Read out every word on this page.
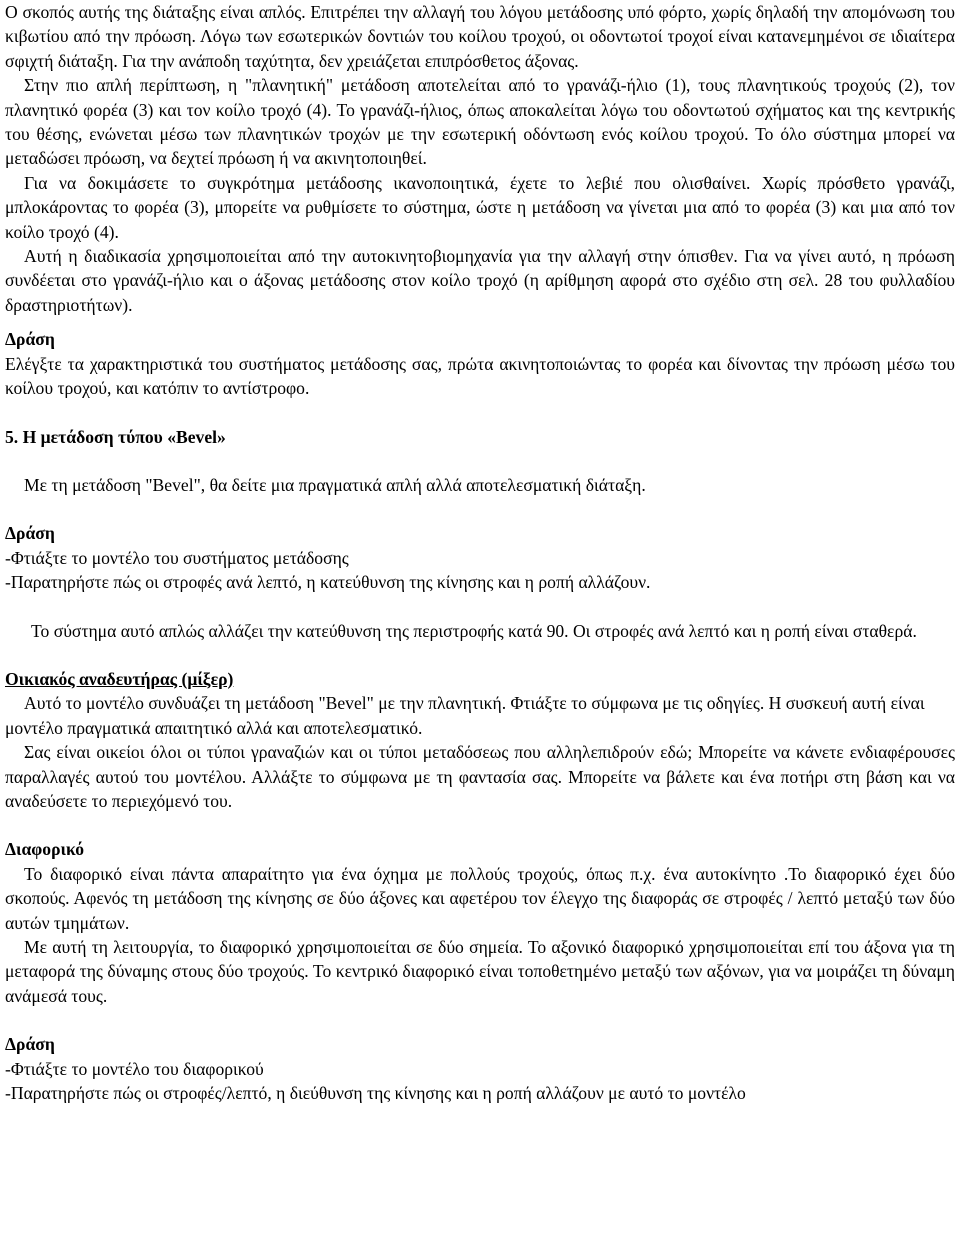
Ο σκοπός αυτής της διάταξης είναι απλός. Επιτρέπει την αλλαγή του λόγου μετάδοσης υπό φόρτο, χωρίς δηλαδή την απομόνωση του κιβωτίου από την πρόωση. Λόγω των εσωτερικών δοντιών του κοίλου τροχού, οι οδοντωτοί τροχοί είναι κατανεμημένοι σε ιδιαίτερα σφιχτή διάταξη. Για την ανάποδη ταχύτητα, δεν χρειάζεται επιπρόσθετος άξονας.

Στην πιο απλή περίπτωση, η "πλανητική" μετάδοση αποτελείται από το γρανάζι-ήλιο (1), τους πλανητικούς τροχούς (2), τον πλανητικό φορέα (3) και τον κοίλο τροχό (4). Το γρανάζι-ήλιος, όπως αποκαλείται λόγω του οδοντωτού σχήματος και της κεντρικής του θέσης, ενώνεται μέσω των πλανητικών τροχών με την εσωτερική οδόντωση ενός κοίλου τροχού. Το όλο σύστημα μπορεί να μεταδώσει πρόωση, να δεχτεί πρόωση ή να ακινητοποιηθεί.

Για να δοκιμάσετε το συγκρότημα μετάδοσης ικανοποιητικά, έχετε το λεβιέ που ολισθαίνει. Χωρίς πρόσθετο γρανάζι, μπλοκάροντας το φορέα (3), μπορείτε να ρυθμίσετε το σύστημα, ώστε η μετάδοση να γίνεται μια από το φορέα (3) και μια από τον κοίλο τροχό (4).

Αυτή η διαδικασία χρησιμοποιείται από την αυτοκινητοβιομηχανία για την αλλαγή στην όπισθεν. Για να γίνει αυτό, η πρόωση συνδέεται στο γρανάζι-ήλιο και ο άξονας μετάδοσης στον κοίλο τροχό (η αρίθμηση αφορά στο σχέδιο στη σελ. 28 του φυλλαδίου δραστηριοτήτων).

Δράση

Ελέγξτε τα χαρακτηριστικά του συστήματος μετάδοσης σας, πρώτα ακινητοποιώντας το φορέα και δίνοντας την πρόωση μέσω του κοίλου τροχού, και κατόπιν το αντίστροφο.

5. Η μετάδοση τύπου «Bevel»

Με τη μετάδοση "Bevel", θα δείτε μια πραγματικά απλή αλλά αποτελεσματική διάταξη.

Δράση

-Φτιάξτε το μοντέλο του συστήματος μετάδοσης

-Παρατηρήστε πώς οι στροφές ανά λεπτό, η κατεύθυνση της κίνησης και η ροπή αλλάζουν.

Το σύστημα αυτό απλώς αλλάζει την κατεύθυνση της περιστροφής κατά 90. Οι στροφές ανά λεπτό και η ροπή είναι σταθερά.

Οικιακός αναδευτήρας (μίξερ)

Αυτό το μοντέλο συνδυάζει τη μετάδοση "Bevel" με την πλανητική. Φτιάξτε το σύμφωνα με τις οδηγίες. Η συσκευή αυτή είναι μοντέλο πραγματικά απαιτητικό αλλά και αποτελεσματικό.

Σας είναι οικείοι όλοι οι τύποι γραναζιών και οι τύποι μεταδόσεως που αλληλεπιδρούν εδώ; Μπορείτε να κάνετε ενδιαφέρουσες παραλλαγές αυτού του μοντέλου. Αλλάξτε το σύμφωνα με τη φαντασία σας. Μπορείτε να βάλετε και ένα ποτήρι στη βάση και να αναδεύσετε το περιεχόμενό του.

Διαφορικό

Το διαφορικό είναι πάντα απαραίτητο για ένα όχημα με πολλούς τροχούς, όπως π.χ. ένα αυτοκίνητο .Το διαφορικό έχει δύο σκοπούς. Αφενός τη μετάδοση της κίνησης σε δύο άξονες και αφετέρου τον έλεγχο της διαφοράς σε στροφές / λεπτό μεταξύ των δύο αυτών τμημάτων.

Με αυτή τη λειτουργία, το διαφορικό χρησιμοποιείται σε δύο σημεία. Το αξονικό διαφορικό χρησιμοποιείται επί του άξονα για τη μεταφορά της δύναμης στους δύο τροχούς. Το κεντρικό διαφορικό είναι τοποθετημένο μεταξύ των αξόνων, για να μοιράζει τη δύναμη ανάμεσά τους.

Δράση

-Φτιάξτε το μοντέλο του διαφορικού

-Παρατηρήστε πώς οι στροφές/λεπτό, η διεύθυνση της κίνησης και η ροπή αλλάζουν με αυτό το μοντέλο
